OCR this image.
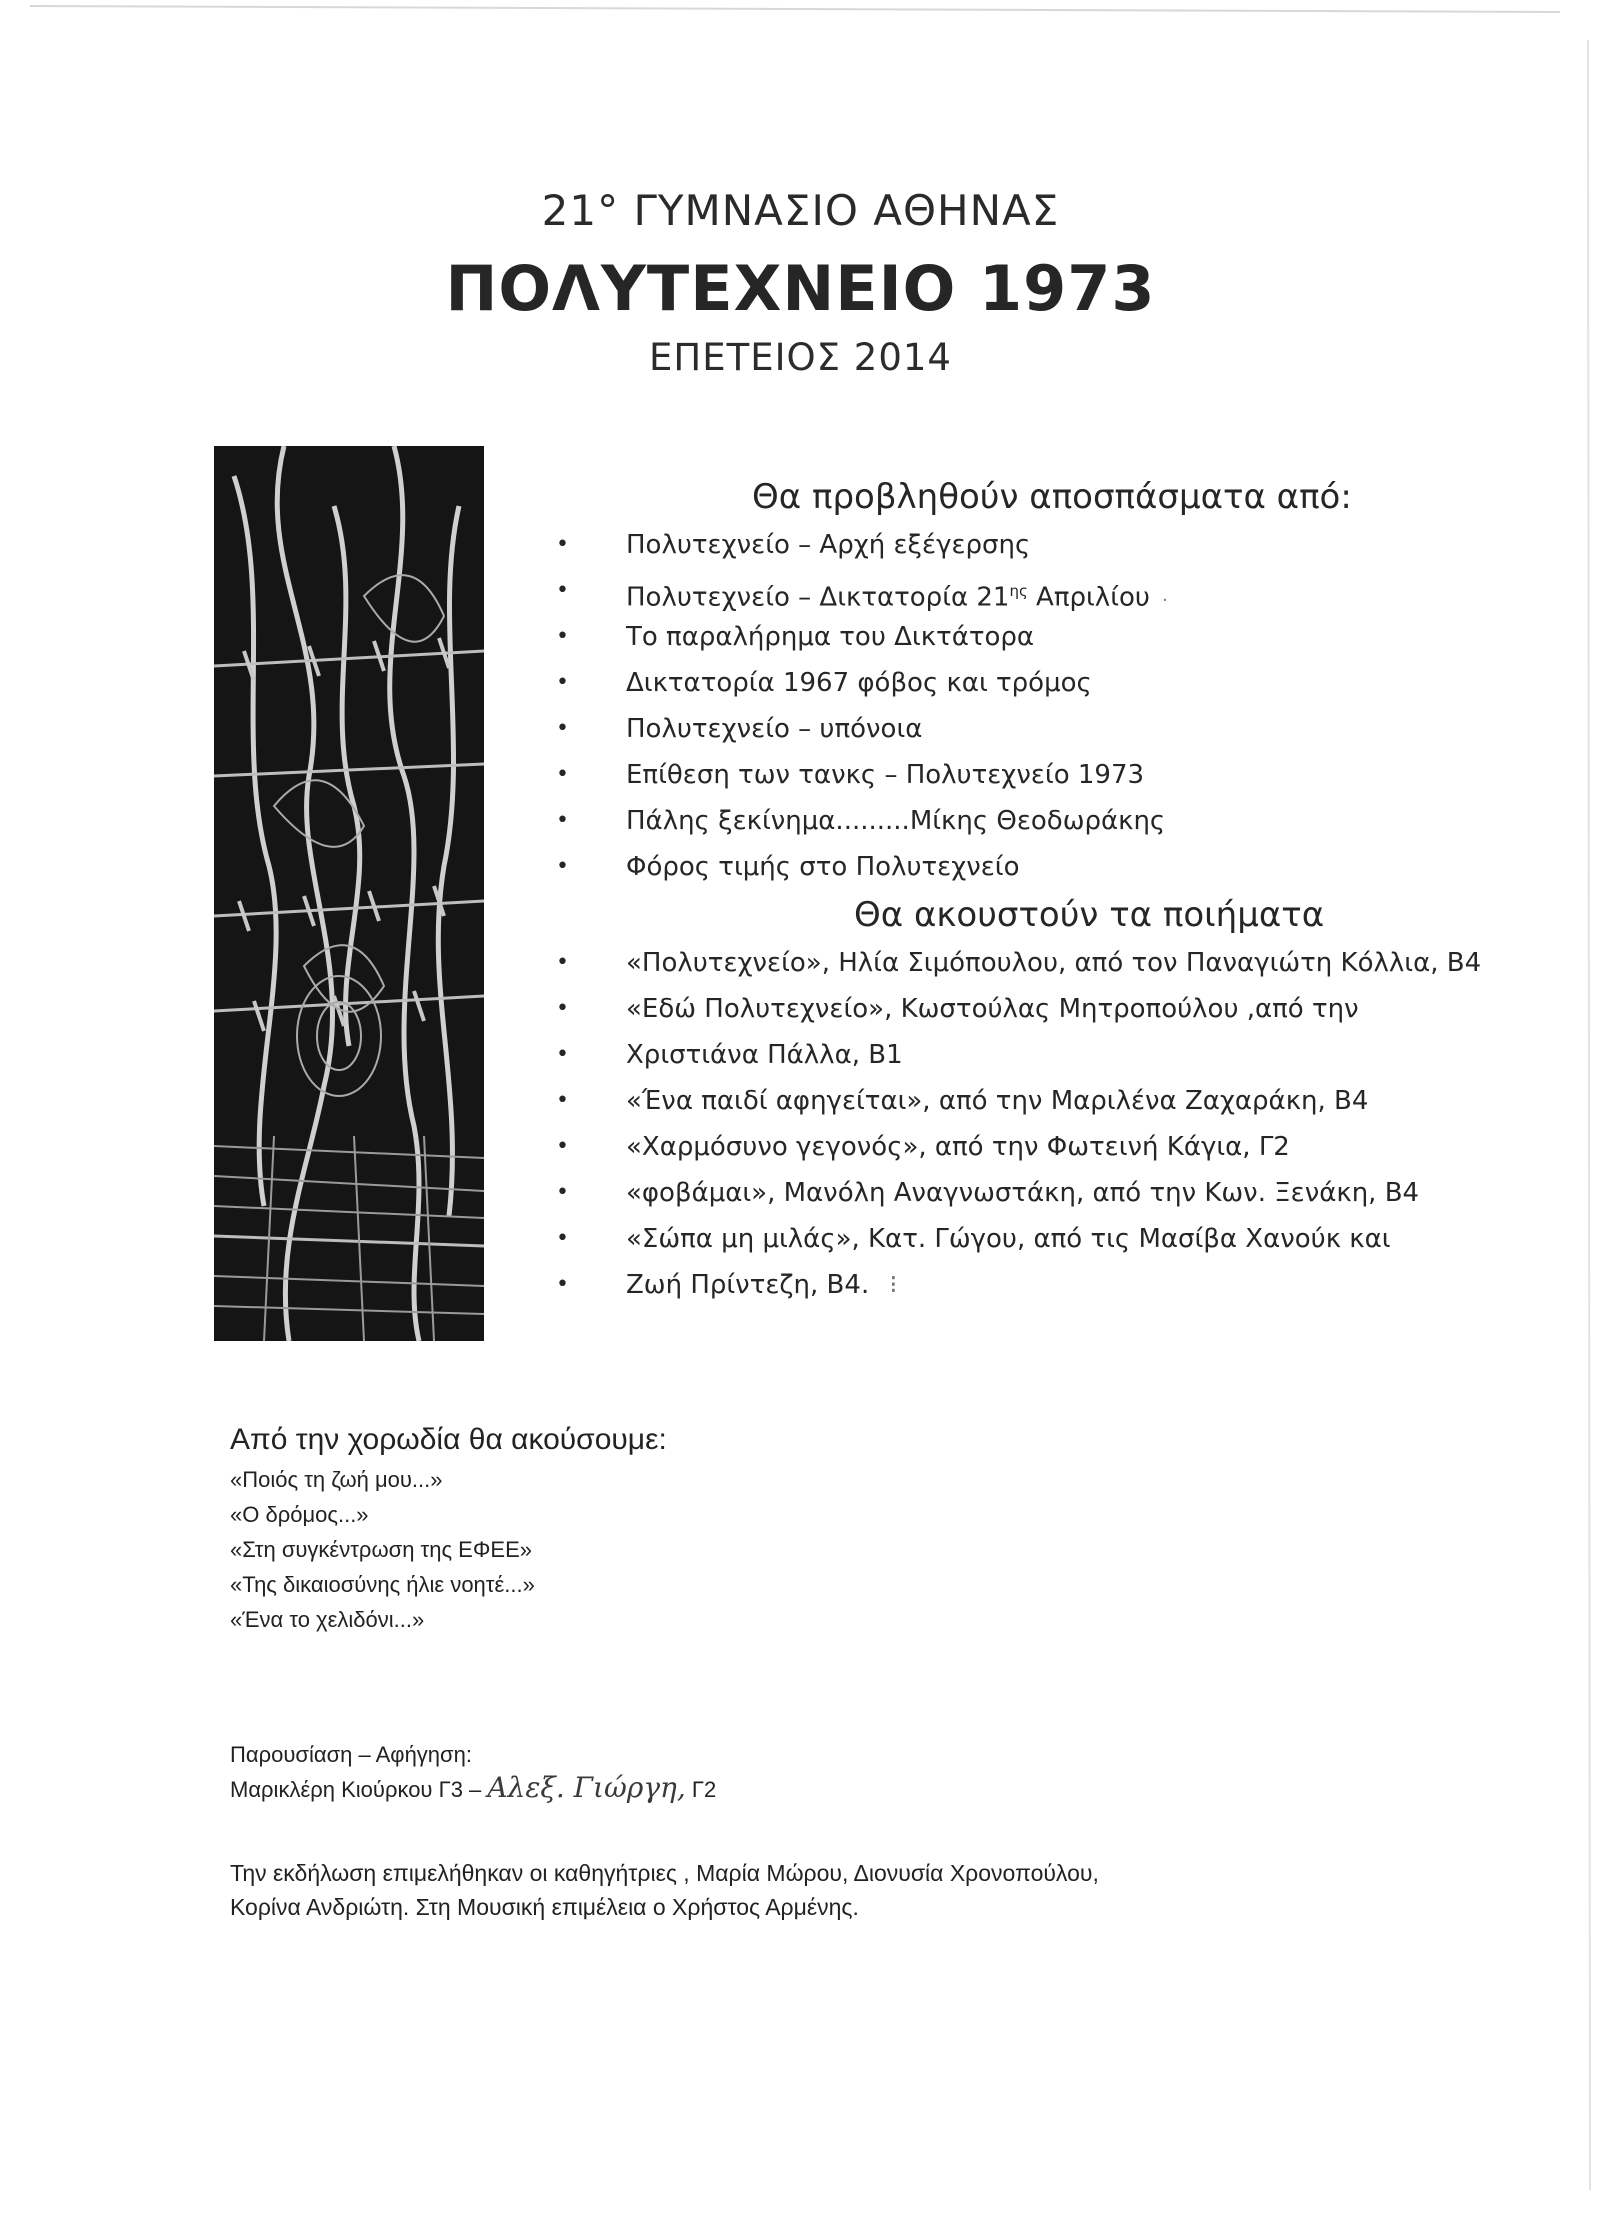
21° ΓΥΜΝΑΣΙΟ ΑΘΗΝΑΣ
ΠΟΛΥΤΕΧΝΕΙΟ 1973
ΕΠΕΤΕΙΟΣ 2014
Θα προβληθούν αποσπάσματα από:
• Πολυτεχνείο – Αρχή εξέγερσης
• Πολυτεχνείο – Δικτατορία $21^{\eta\varsigma}$ Απριλίου ·
• Το παραλήρημα του Δικτάτορα
• Δικτατορία 1967 φόβος και τρόμος
• Πολυτεχνείο – υπόνοια
• Επίθεση των τανκς – Πολυτεχνείο 1973
• Πάλης ξεκίνημα.........Μίκης Θεοδωράκης
• Φόρος τιμής στο Πολυτεχνείο
Θα ακουστούν τα ποιήματα
• «Πολυτεχνείο», Ηλία Σιμόπουλου, από τον Παναγιώτη Κόλλια, Β4
• «Εδώ Πολυτεχνείο», Κωστούλας Μητροπούλου ,από την
• Χριστιάνα Πάλλα, Β1
• «Ένα παιδί αφηγείται», από την Μαριλένα Ζαχαράκη, Β4
• «Χαρμόσυνο γεγονός», από την Φωτεινή Κάγια, Γ2
• «φοβάμαι», Μανόλη Αναγνωστάκη, από την Κων. Ξενάκη, Β4
• «Σώπα μη μιλάς», Κατ. Γώγου, από τις Μασίβα Χανούκ και
• Ζωή Πρίντεζη, Β4. ⁝
Από την χορωδία θα ακούσουμε:
«Ποιός τη ζωή μου...»
«Ο δρόμος...»
«Στη συγκέντρωση της ΕΦΕΕ»
«Της δικαιοσύνης ήλιε νοητέ...»
«Ένα το χελιδόνι...»
Παρουσίαση – Αφήγηση:
Μαρικλέρη Κιούρκου Γ3 – Αλεξ. Γιώργη, Γ2
Την εκδήλωση επιμελήθηκαν οι καθηγήτριες , Μαρία Μώρου, Διονυσία Χρονοπούλου,
Κορίνα Ανδριώτη. Στη Μουσική επιμέλεια ο Χρήστος Αρμένης.
